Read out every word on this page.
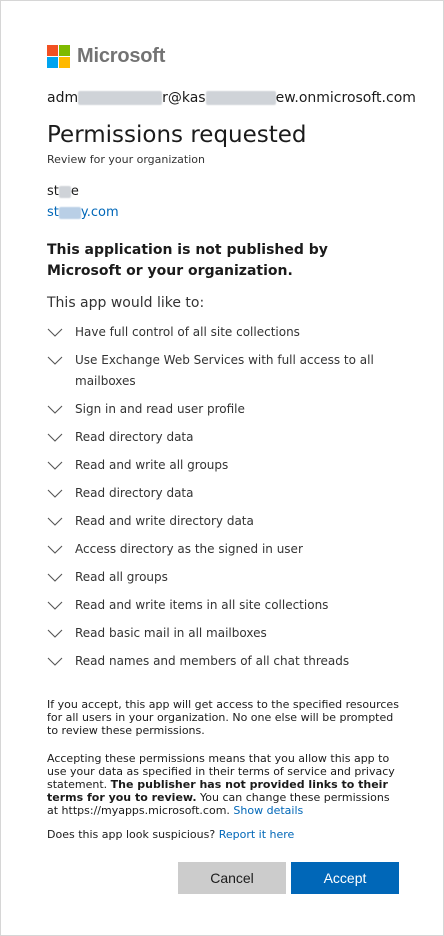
Microsoft
adm	r@kas	ew.onmicrosoft.com
Permissions requested
Review for your organization
st e
st y.com
This application is not published by Microsoft or your organization.
This app would like to:
Have full control of all site collections
Use Exchange Web Services with full access to all mailboxes
Sign in and read user profile
Read directory data
Read and write all groups
Read directory data
Read and write directory data
Access directory as the signed in user
Read all groups
Read and write items in all site collections
Read basic mail in all mailboxes
Read names and members of all chat threads
If you accept, this app will get access to the specified resources for all users in your organization. No one else will be prompted to review these permissions.
Accepting these permissions means that you allow this app to use your data as specified in their terms of service and privacy statement. The publisher has not provided links to their terms for you to review. You can change these permissions at https://myapps.microsoft.com. Show details
Does this app look suspicious? Report it here
Cancel	Accept
